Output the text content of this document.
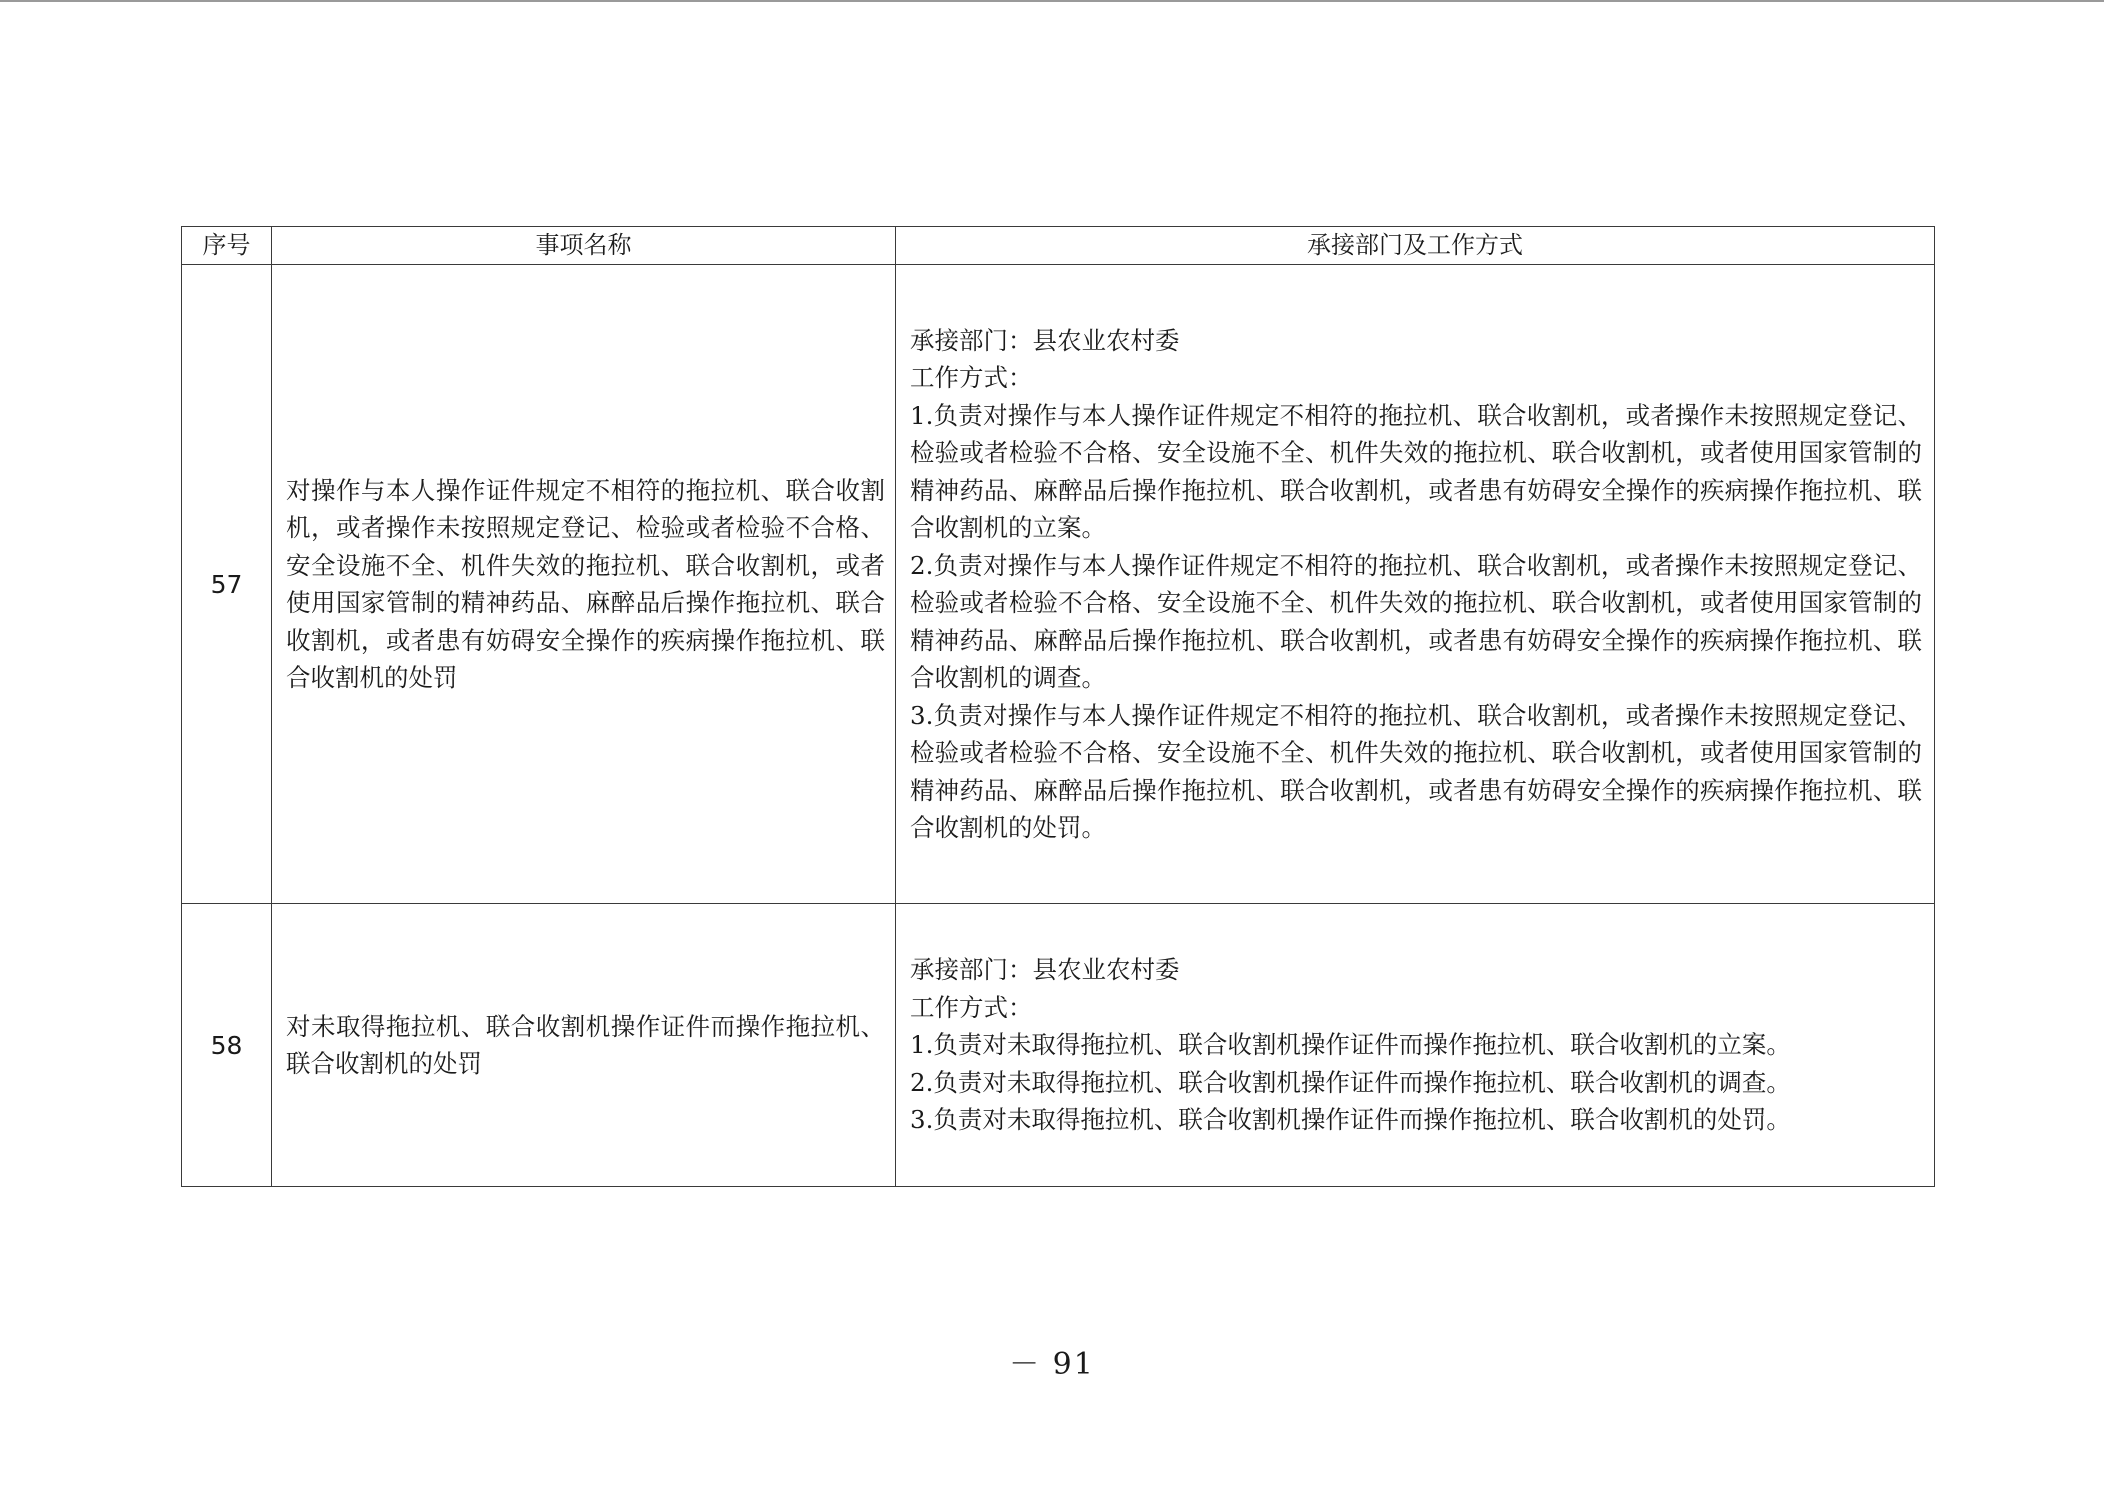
序号	事项名称	承接部门及工作方式
57	对操作与本人操作证件规定不相符的拖拉机、联合收割机，或者操作未按照规定登记、检验或者检验不合格、安全设施不全、机件失效的拖拉机、联合收割机，或者使用国家管制的精神药品、麻醉品后操作拖拉机、联合收割机，或者患有妨碍安全操作的疾病操作拖拉机、联合收割机的处罚	承接部门：县农业农村委
工作方式：
1.负责对操作与本人操作证件规定不相符的拖拉机、联合收割机，或者操作未按照规定登记、检验或者检验不合格、安全设施不全、机件失效的拖拉机、联合收割机，或者使用国家管制的精神药品、麻醉品后操作拖拉机、联合收割机，或者患有妨碍安全操作的疾病操作拖拉机、联合收割机的立案。
2.负责对操作与本人操作证件规定不相符的拖拉机、联合收割机，或者操作未按照规定登记、检验或者检验不合格、安全设施不全、机件失效的拖拉机、联合收割机，或者使用国家管制的精神药品、麻醉品后操作拖拉机、联合收割机，或者患有妨碍安全操作的疾病操作拖拉机、联合收割机的调查。
3.负责对操作与本人操作证件规定不相符的拖拉机、联合收割机，或者操作未按照规定登记、检验或者检验不合格、安全设施不全、机件失效的拖拉机、联合收割机，或者使用国家管制的精神药品、麻醉品后操作拖拉机、联合收割机，或者患有妨碍安全操作的疾病操作拖拉机、联合收割机的处罚。

58	对未取得拖拉机、联合收割机操作证件而操作拖拉机、联合收割机的处罚	承接部门：县农业农村委
工作方式：
1.负责对未取得拖拉机、联合收割机操作证件而操作拖拉机、联合收割机的立案。
2.负责对未取得拖拉机、联合收割机操作证件而操作拖拉机、联合收割机的调查。
3.负责对未取得拖拉机、联合收割机操作证件而操作拖拉机、联合收割机的处罚。
－ 91
